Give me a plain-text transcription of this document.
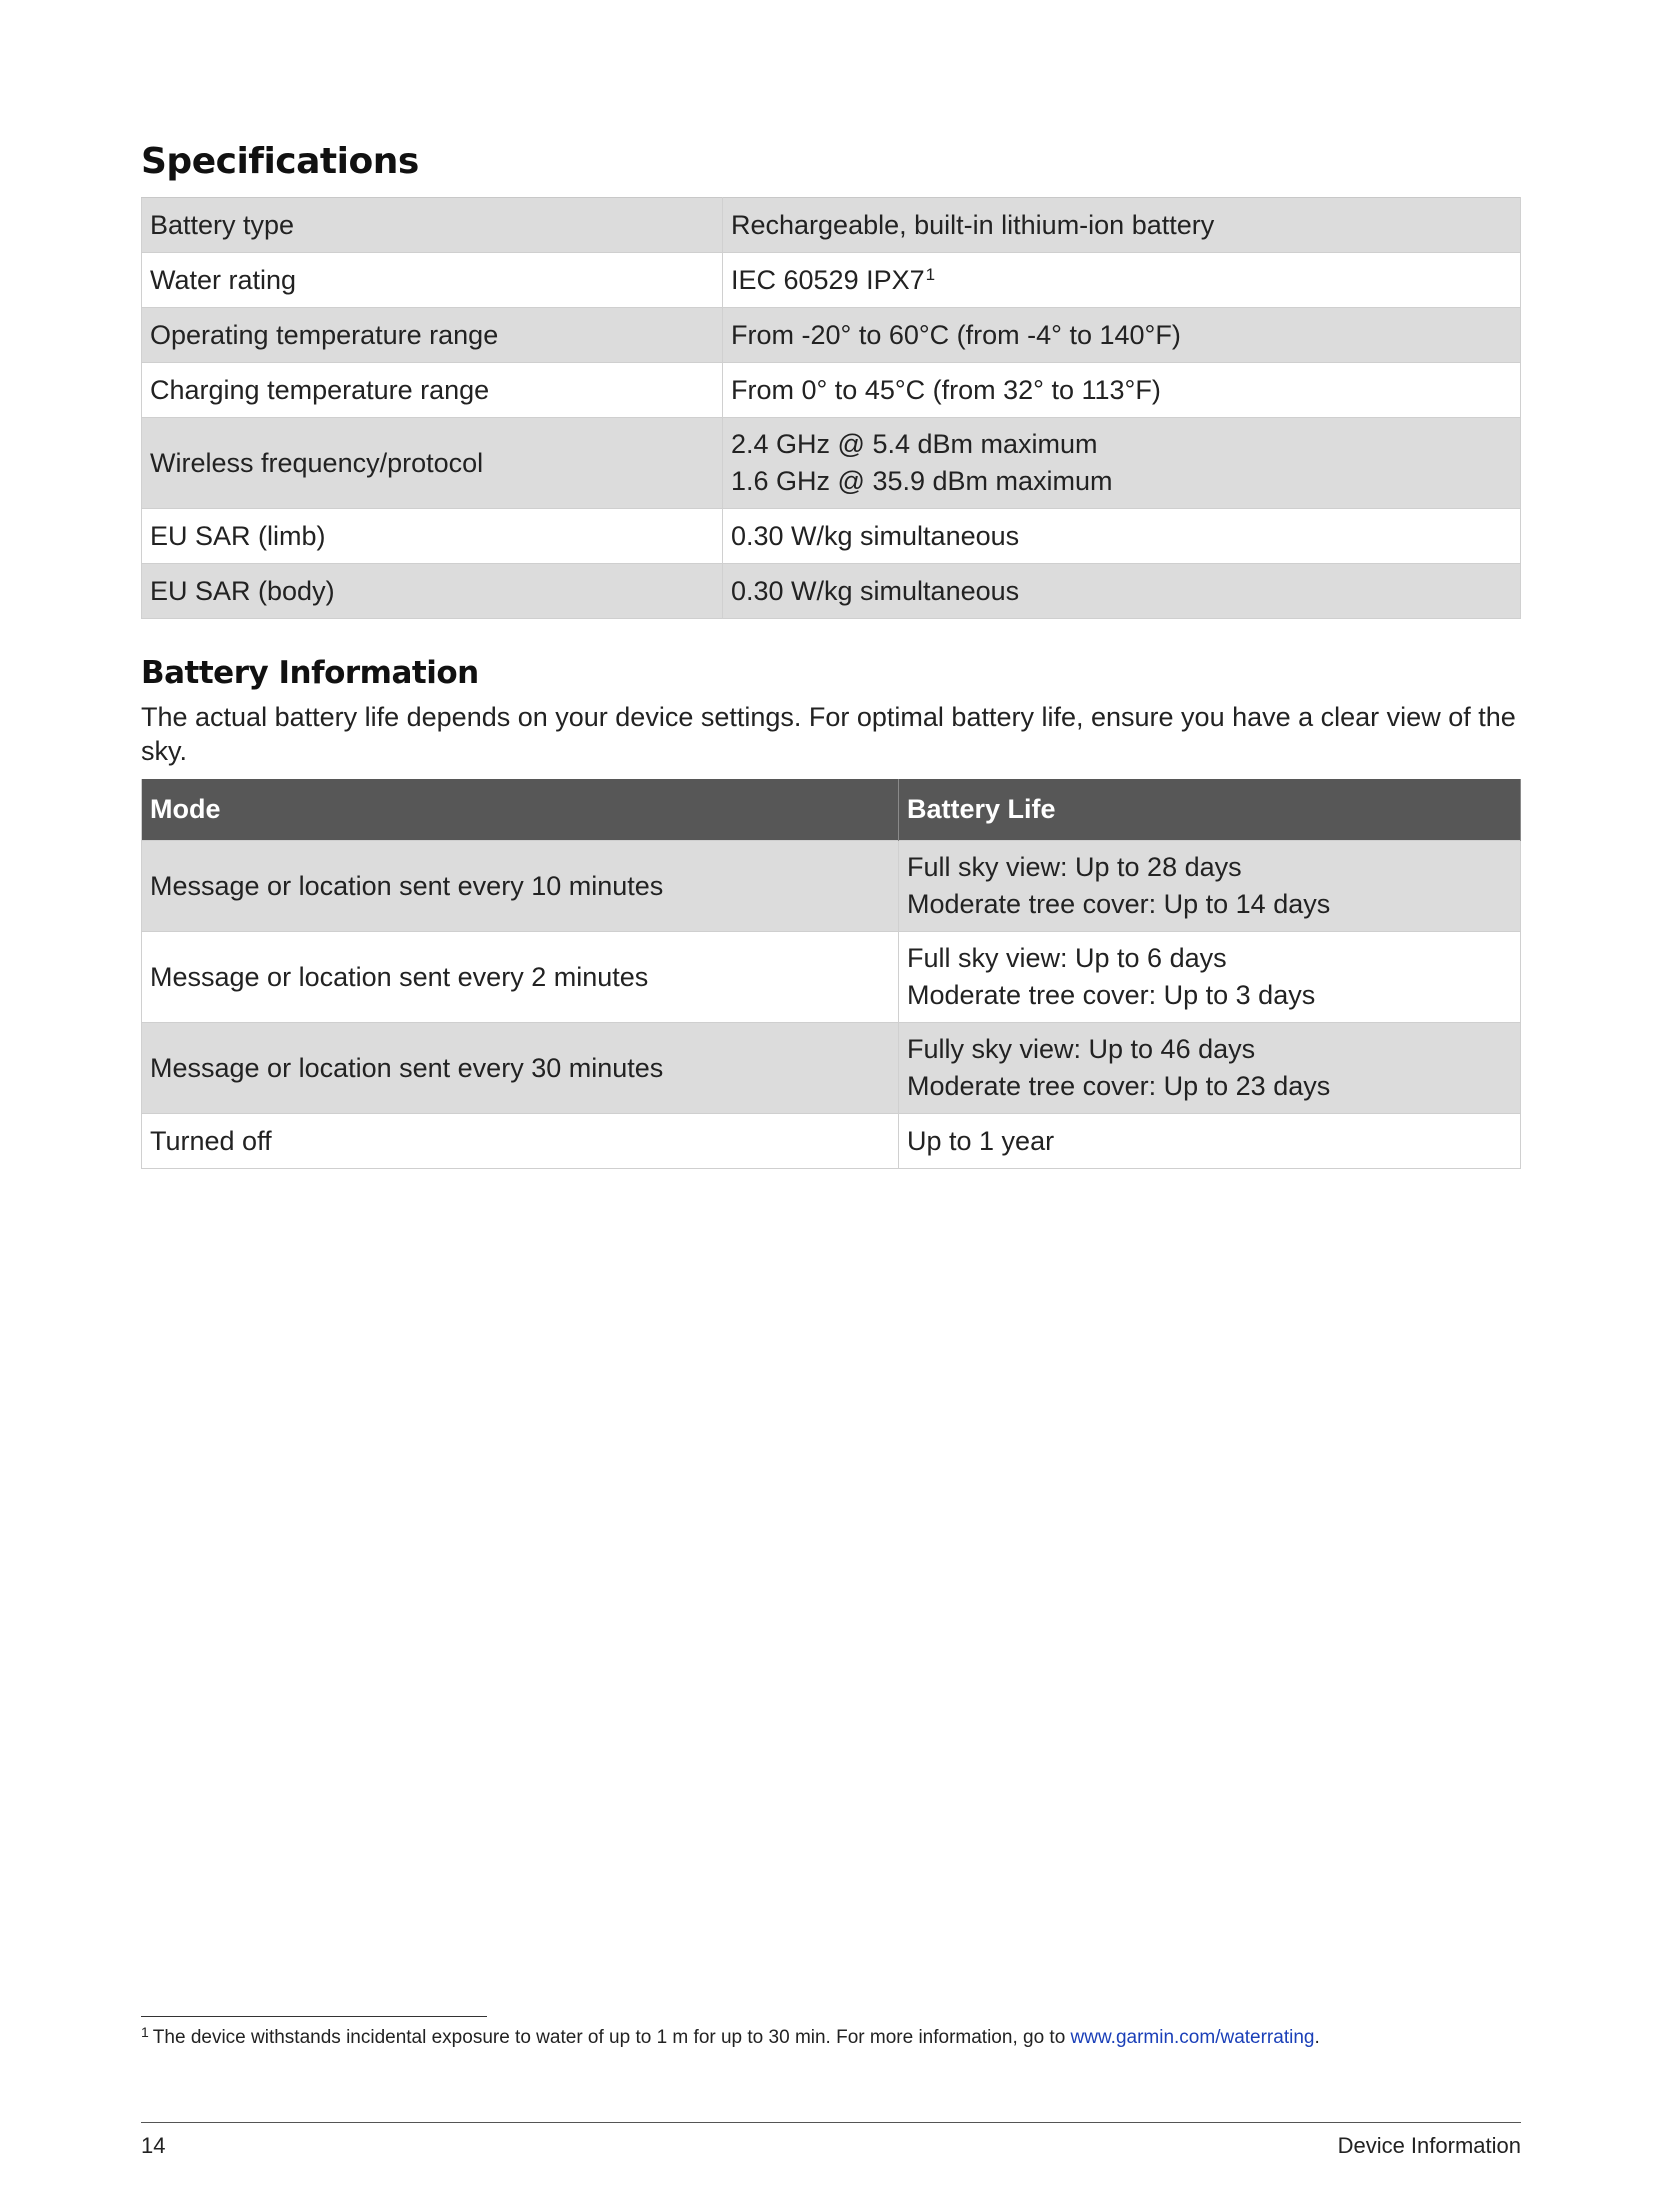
Specifications
Battery type	Rechargeable, built-in lithium-ion battery
Water rating	IEC 60529 $IPX7^1$
Operating temperature range	From -20° to 60°C (from -4° to 140°F)
Charging temperature range	From 0° to 45°C (from 32° to 113°F)
Wireless frequency/protocol	2.4 GHz @ 5.4 dBm maximum
1.6 GHz @ 35.9 dBm maximum

EU SAR (limb)	0.30 W/kg simultaneous
EU SAR (body)	0.30 W/kg simultaneous
Battery Information

The actual battery life depends on your device settings. For optimal battery life, ensure you have a clear view of the sky.

Mode	Battery Life
Message or location sent every 10 minutes	Full sky view: Up to 28 days
Moderate tree cover: Up to 14 days

Message or location sent every 2 minutes	Full sky view: Up to 6 days
Moderate tree cover: Up to 3 days

Message or location sent every 30 minutes	Fully sky view: Up to 46 days
Moderate tree cover: Up to 23 days

Turned off	Up to 1 year
$^1$ The device withstands incidental exposure to water of up to 1 m for up to 30 min. For more information, go to www.garmin.com/waterrating.
14	Device Information
